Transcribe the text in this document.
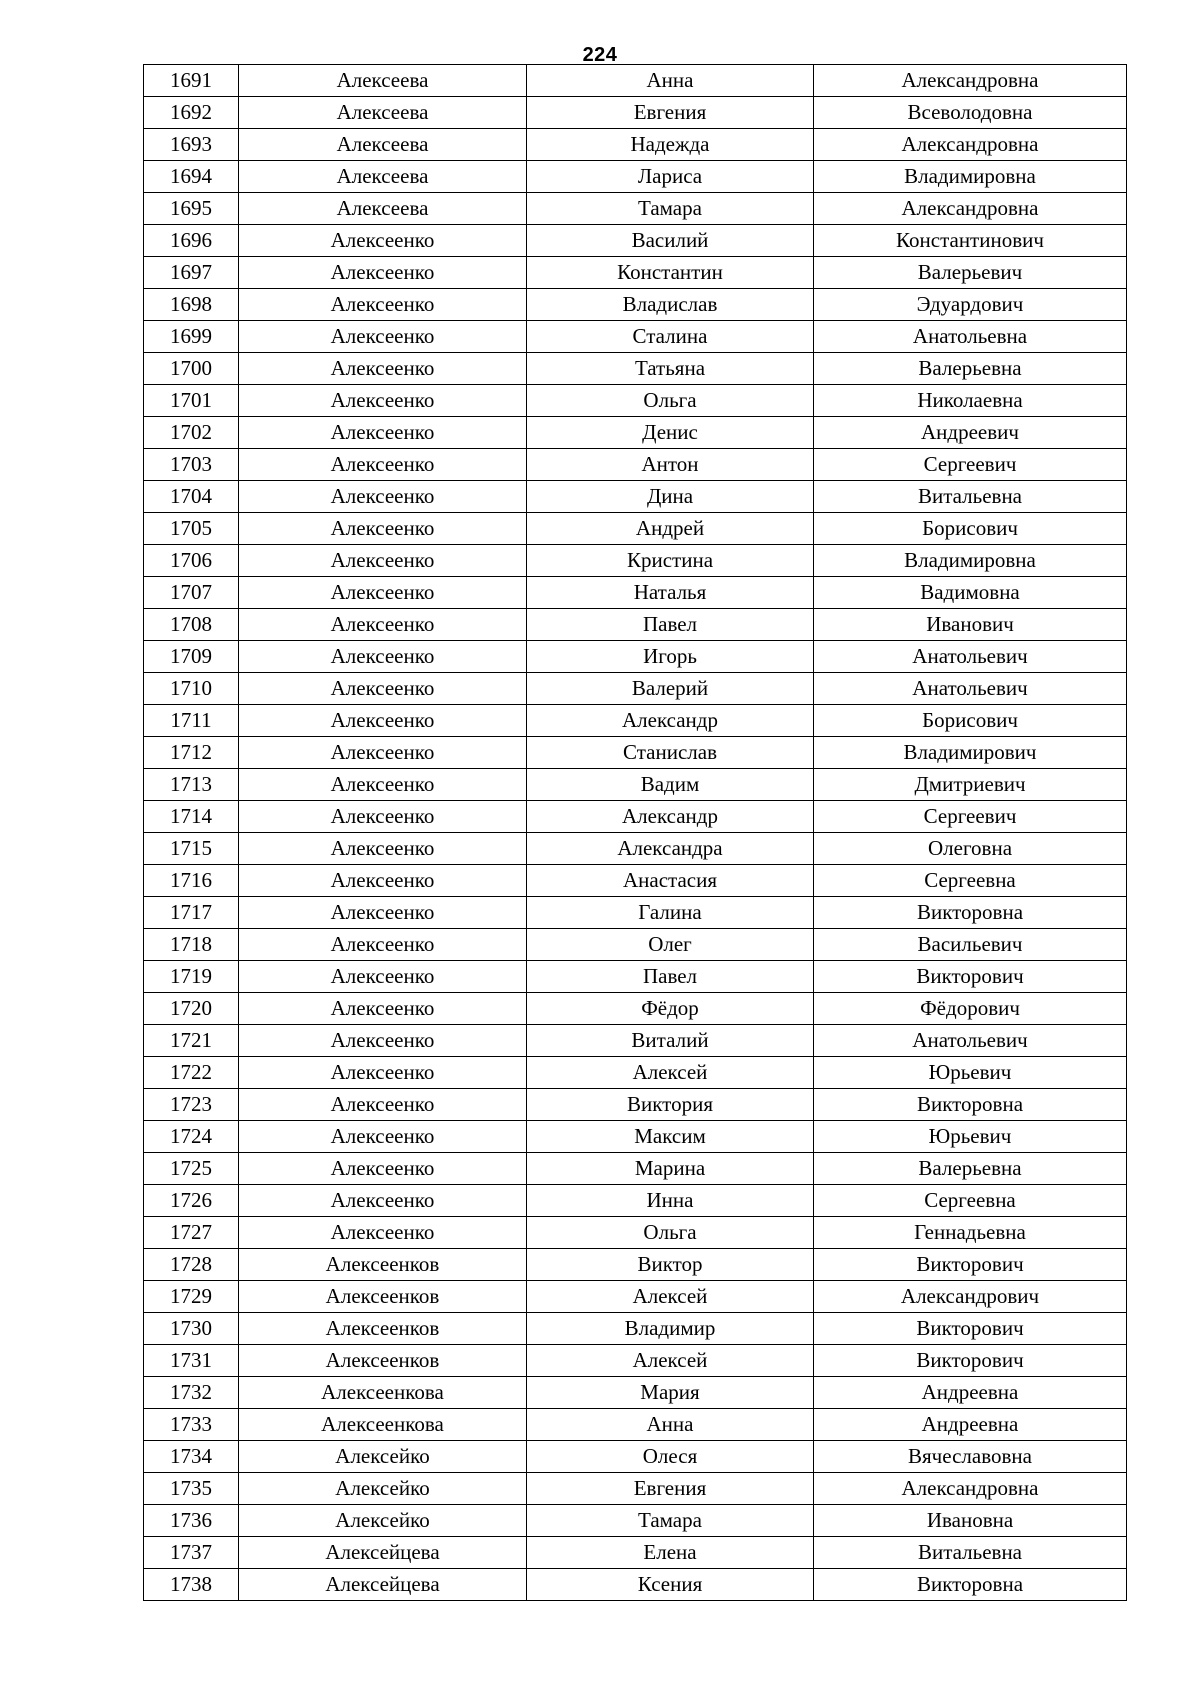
224
1691	Алексеева	Анна	Александровна
1692	Алексеева	Евгения	Всеволодовна
1693	Алексеева	Надежда	Александровна
1694	Алексеева	Лариса	Владимировна
1695	Алексеева	Тамара	Александровна
1696	Алексеенко	Василий	Константинович
1697	Алексеенко	Константин	Валерьевич
1698	Алексеенко	Владислав	Эдуардович
1699	Алексеенко	Сталина	Анатольевна
1700	Алексеенко	Татьяна	Валерьевна
1701	Алексеенко	Ольга	Николаевна
1702	Алексеенко	Денис	Андреевич
1703	Алексеенко	Антон	Сергеевич
1704	Алексеенко	Дина	Витальевна
1705	Алексеенко	Андрей	Борисович
1706	Алексеенко	Кристина	Владимировна
1707	Алексеенко	Наталья	Вадимовна
1708	Алексеенко	Павел	Иванович
1709	Алексеенко	Игорь	Анатольевич
1710	Алексеенко	Валерий	Анатольевич
1711	Алексеенко	Александр	Борисович
1712	Алексеенко	Станислав	Владимирович
1713	Алексеенко	Вадим	Дмитриевич
1714	Алексеенко	Александр	Сергеевич
1715	Алексеенко	Александра	Олеговна
1716	Алексеенко	Анастасия	Сергеевна
1717	Алексеенко	Галина	Викторовна
1718	Алексеенко	Олег	Васильевич
1719	Алексеенко	Павел	Викторович
1720	Алексеенко	Фёдор	Фёдорович
1721	Алексеенко	Виталий	Анатольевич
1722	Алексеенко	Алексей	Юрьевич
1723	Алексеенко	Виктория	Викторовна
1724	Алексеенко	Максим	Юрьевич
1725	Алексеенко	Марина	Валерьевна
1726	Алексеенко	Инна	Сергеевна
1727	Алексеенко	Ольга	Геннадьевна
1728	Алексеенков	Виктор	Викторович
1729	Алексеенков	Алексей	Александрович
1730	Алексеенков	Владимир	Викторович
1731	Алексеенков	Алексей	Викторович
1732	Алексеенкова	Мария	Андреевна
1733	Алексеенкова	Анна	Андреевна
1734	Алексейко	Олеся	Вячеславовна
1735	Алексейко	Евгения	Александровна
1736	Алексейко	Тамара	Ивановна
1737	Алексейцева	Елена	Витальевна
1738	Алексейцева	Ксения	Викторовна
